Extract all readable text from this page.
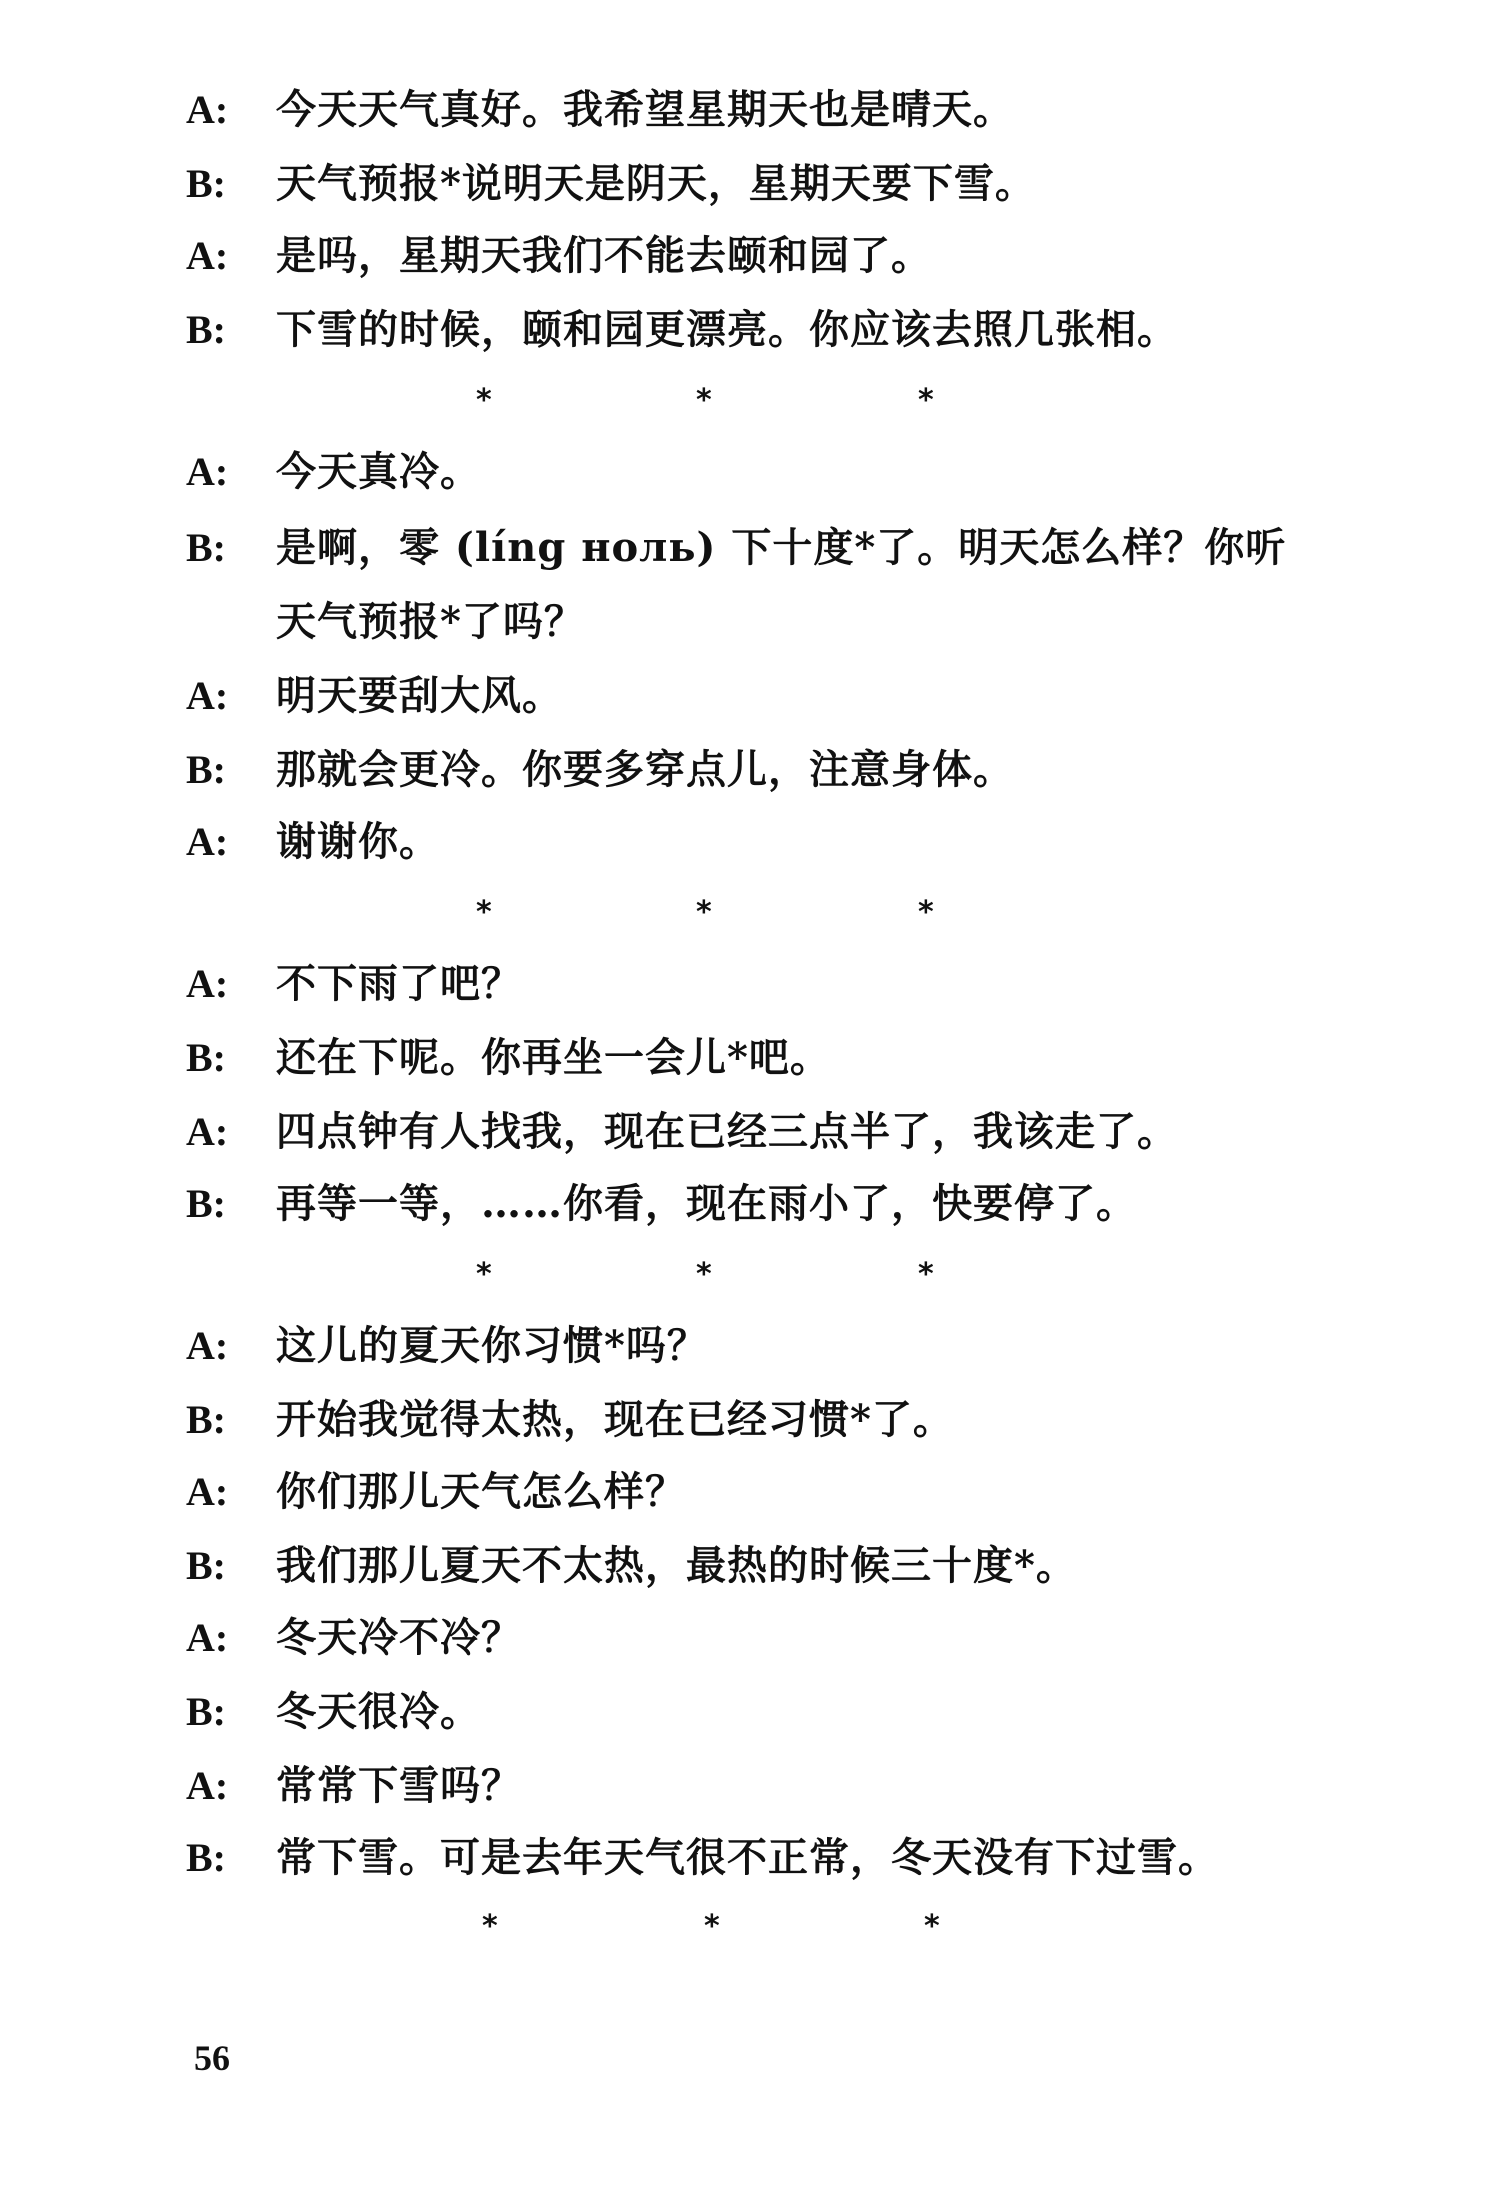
A:	今天天气真好。我希望星期天也是晴天。
B:	天气预报*说明天是阴天，星期天要下雪。
A:	是吗，星期天我们不能去颐和园了。
B:	下雪的时候，颐和园更漂亮。你应该去照几张相。
*	*	*
A:	今天真冷。
B:	是啊，零 (líng ноль) 下十度*了。明天怎么样？你听
天气预报*了吗？
A:	明天要刮大风。
B:	那就会更冷。你要多穿点儿，注意身体。
A:	谢谢你。
*	*	*
A:	不下雨了吧？
B:	还在下呢。你再坐一会儿*吧。
A:	四点钟有人找我，现在已经三点半了，我该走了。
B:	再等一等，……你看，现在雨小了，快要停了。
*	*	*
A:	这儿的夏天你习惯*吗？
B:	开始我觉得太热，现在已经习惯*了。
A:	你们那儿天气怎么样？
B:	我们那儿夏天不太热，最热的时候三十度*。
A:	冬天冷不冷？
B:	冬天很冷。
A:	常常下雪吗？
B:	常下雪。可是去年天气很不正常，冬天没有下过雪。
*	*	*
56
